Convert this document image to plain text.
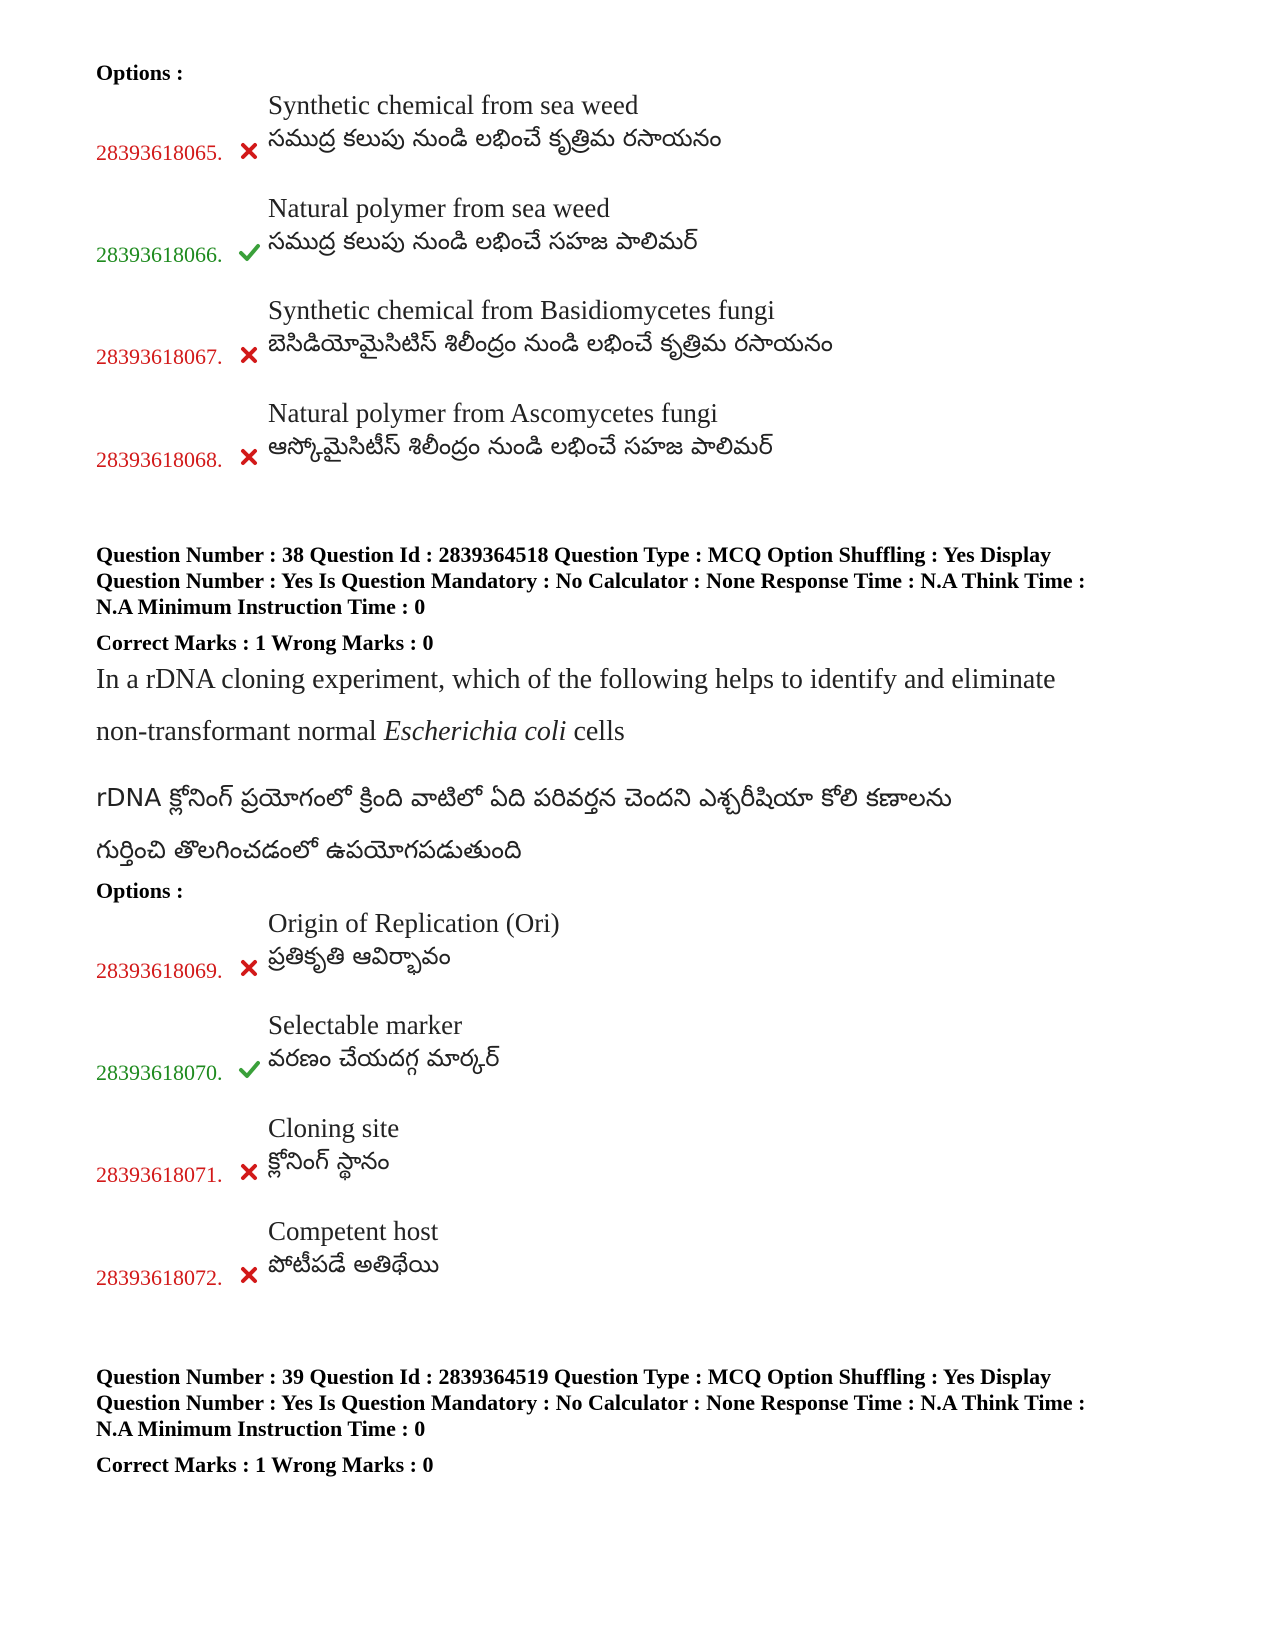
Options :
Synthetic chemical from sea weed
సముద్ర కలుపు నుండి లభించే కృత్రిమ రసాయనం
28393618065.
Natural polymer from sea weed
సముద్ర కలుపు నుండి లభించే సహజ పాలిమర్
28393618066.
Synthetic chemical from Basidiomycetes fungi
బెసిడియోమైసిటిస్ శిలీంద్రం నుండి లభించే కృత్రిమ రసాయనం
28393618067.
Natural polymer from Ascomycetes fungi
ఆస్కోమైసిటీస్ శిలీంద్రం నుండి లభించే సహజ పాలిమర్
28393618068.
Question Number : 38 Question Id : 2839364518 Question Type : MCQ Option Shuffling : Yes Display
Question Number : Yes Is Question Mandatory : No Calculator : None Response Time : N.A Think Time :
N.A Minimum Instruction Time : 0
Correct Marks : 1 Wrong Marks : 0
In a rDNA cloning experiment, which of the following helps to identify and eliminate
non-transformant normal Escherichia coli cells
rDNA క్లోనింగ్ ప్రయోగంలో క్రింది వాటిలో ఏది పరివర్తన చెందని ఎశ్చరీషియా కోలి కణాలను
గుర్తించి తొలగించడంలో ఉపయోగపడుతుంది
Options :
Origin of Replication (Ori)
ప్రతికృతి ఆవిర్భావం
28393618069.
Selectable marker
వరణం చేయదగ్గ మార్కర్
28393618070.
Cloning site
క్లోనింగ్ స్థానం
28393618071.
Competent host
పోటీపడే అతిథేయి
28393618072.
Question Number : 39 Question Id : 2839364519 Question Type : MCQ Option Shuffling : Yes Display
Question Number : Yes Is Question Mandatory : No Calculator : None Response Time : N.A Think Time :
N.A Minimum Instruction Time : 0
Correct Marks : 1 Wrong Marks : 0
